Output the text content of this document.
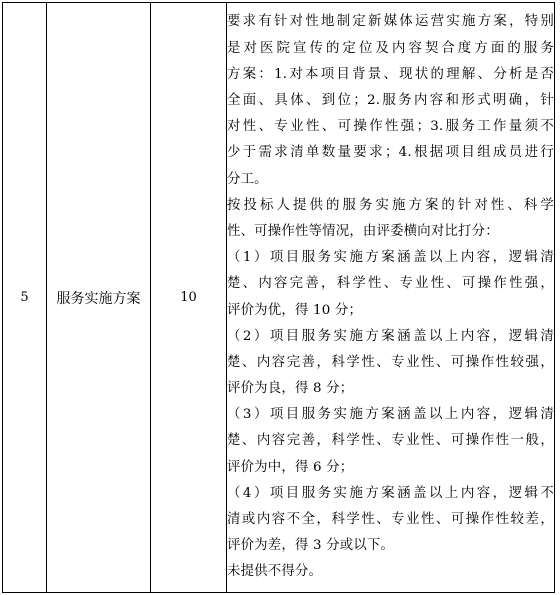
5	服务实施方案	10	
要求有针对性地制定新媒体运营实施方案，特别
是对医院宣传的定位及内容契合度方面的服务
方案：1.对本项目背景、现状的理解、分析是否
全面、具体、到位；2.服务内容和形式明确，针
对性、专业性、可操作性强；3.服务工作量须不
少于需求清单数量要求；4.根据项目组成员进行
分工。
按投标人提供的服务实施方案的针对性、科学
性、可操作性等情况，由评委横向对比打分：
（1）项目服务实施方案涵盖以上内容，逻辑清
楚、内容完善，科学性、专业性、可操作性强，
评价为优，得 10 分；
（2）项目服务实施方案涵盖以上内容，逻辑清
楚、内容完善，科学性、专业性、可操作性较强，
评价为良，得 8 分；
（3）项目服务实施方案涵盖以上内容，逻辑清
楚、内容完善，科学性、专业性、可操作性一般，
评价为中，得 6 分；
（4）项目服务实施方案涵盖以上内容，逻辑不
清或内容不全，科学性、专业性、可操作性较差，
评价为差，得 3 分或以下。
未提供不得分。
